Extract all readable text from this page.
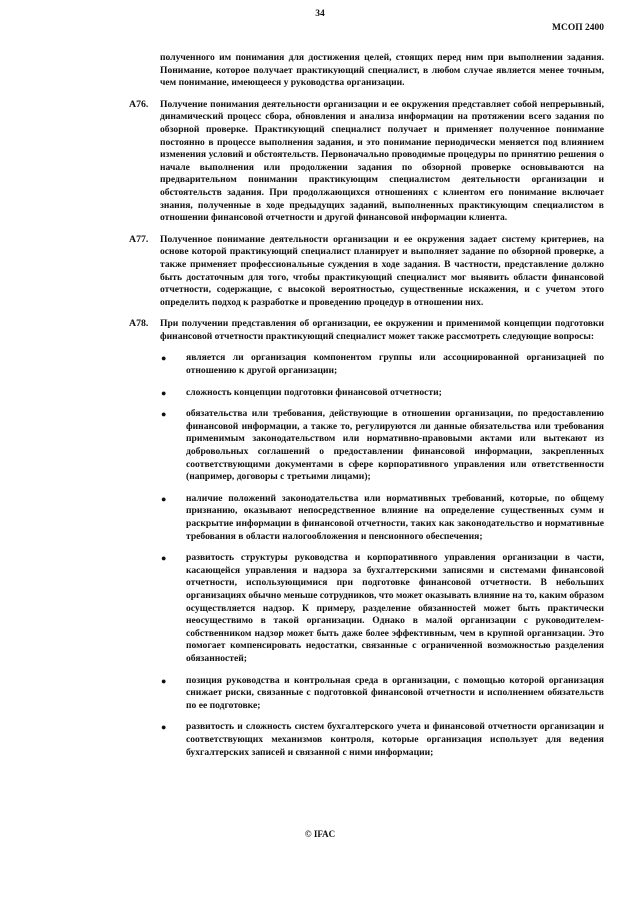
34
МСОП 2400

полученного им понимания для достижения целей, стоящих перед ним при выполнении задания. Понимание, которое получает практикующий специалист, в любом случае является менее точным, чем понимание, имеющееся у руководства организации.

A76. Получение понимания деятельности организации и ее окружения представляет собой непрерывный, динамический процесс сбора, обновления и анализа информации на протяжении всего задания по обзорной проверке. Практикующий специалист получает и применяет полученное понимание постоянно в процессе выполнения задания, и это понимание периодически меняется под влиянием изменения условий и обстоятельств. Первоначально проводимые процедуры по принятию решения о начале выполнения или продолжении задания по обзорной проверке основываются на предварительном понимании практикующим специалистом деятельности организации и обстоятельств задания. При продолжающихся отношениях с клиентом его понимание включает знания, полученные в ходе предыдущих заданий, выполненных практикующим специалистом в отношении финансовой отчетности и другой финансовой информации клиента.

A77. Полученное понимание деятельности организации и ее окружения задает систему критериев, на основе которой практикующий специалист планирует и выполняет задание по обзорной проверке, а также применяет профессиональные суждения в ходе задания. В частности, представление должно быть достаточным для того, чтобы практикующий специалист мог выявить области финансовой отчетности, содержащие, с высокой вероятностью, существенные искажения, и с учетом этого определить подход к разработке и проведению процедур в отношении них.

A78. При получении представления об организации, ее окружении и применимой концепции подготовки финансовой отчетности практикующий специалист может также рассмотреть следующие вопросы:

● является ли организация компонентом группы или ассоциированной организацией по отношению к другой организации;
● сложность концепции подготовки финансовой отчетности;
● обязательства или требования, действующие в отношении организации, по предоставлению финансовой информации, а также то, регулируются ли данные обязательства или требования применимым законодательством или нормативно-правовыми актами или вытекают из добровольных соглашений о предоставлении финансовой информации, закрепленных соответствующими документами в сфере корпоративного управления или ответственности (например, договоры с третьими лицами);
● наличие положений законодательства или нормативных требований, которые, по общему признанию, оказывают непосредственное влияние на определение существенных сумм и раскрытие информации в финансовой отчетности, таких как законодательство и нормативные требования в области налогообложения и пенсионного обеспечения;
● развитость структуры руководства и корпоративного управления организации в части, касающейся управления и надзора за бухгалтерскими записями и системами финансовой отчетности, использующимися при подготовке финансовой отчетности. В небольших организациях обычно меньше сотрудников, что может оказывать влияние на то, каким образом осуществляется надзор. К примеру, разделение обязанностей может быть практически неосуществимо в такой организации. Однако в малой организации с руководителем-собственником надзор может быть даже более эффективным, чем в крупной организации. Это помогает компенсировать недостатки, связанные с ограниченной возможностью разделения обязанностей;
● позиция руководства и контрольная среда в организации, с помощью которой организация снижает риски, связанные с подготовкой финансовой отчетности и исполнением обязательств по ее подготовке;
● развитость и сложность систем бухгалтерского учета и финансовой отчетности организации и соответствующих механизмов контроля, которые организация использует для ведения бухгалтерских записей и связанной с ними информации;
© IFAC
